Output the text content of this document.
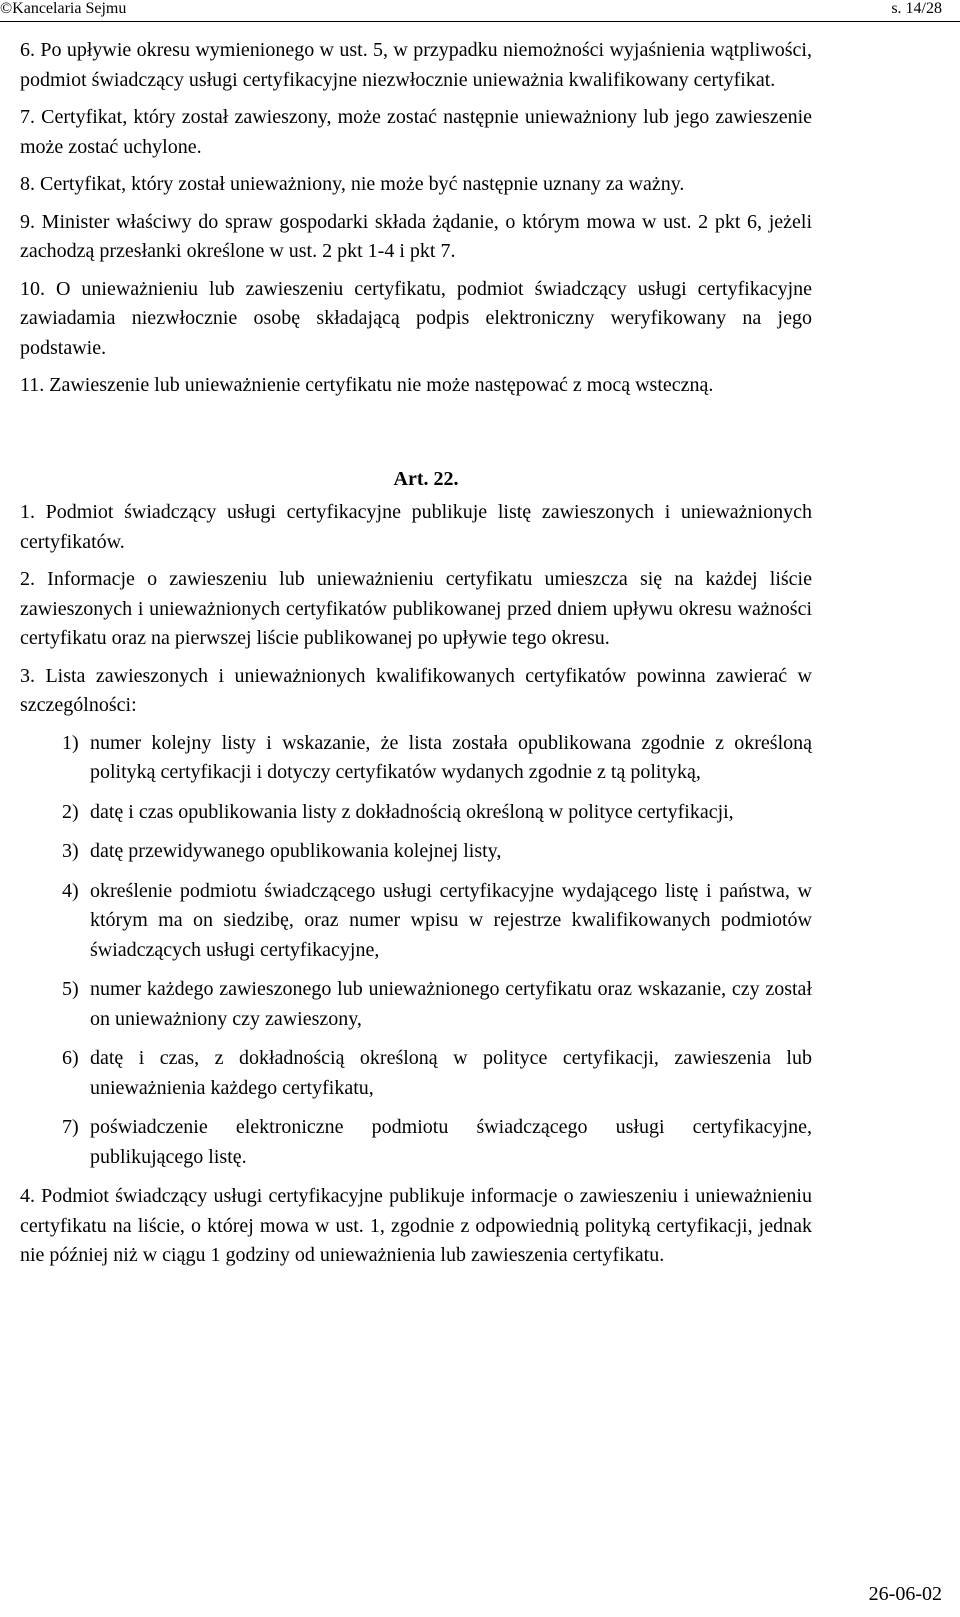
©Kancelaria Sejmu	s. 14/28

6. Po upływie okresu wymienionego w ust. 5, w przypadku niemożności wyjaśnienia wątpliwości, podmiot świadczący usługi certyfikacyjne niezwłocznie unieważnia kwalifikowany certyfikat.

7. Certyfikat, który został zawieszony, może zostać następnie unieważniony lub jego zawieszenie może zostać uchylone.

8. Certyfikat, który został unieważniony, nie może być następnie uznany za ważny.

9. Minister właściwy do spraw gospodarki składa żądanie, o którym mowa w ust. 2 pkt 6, jeżeli zachodzą przesłanki określone w ust. 2 pkt 1-4 i pkt 7.

10. O unieważnieniu lub zawieszeniu certyfikatu, podmiot świadczący usługi certyfikacyjne zawiadamia niezwłocznie osobę składającą podpis elektroniczny weryfikowany na jego podstawie.

11. Zawieszenie lub unieważnienie certyfikatu nie może następować z mocą wsteczną.

Art. 22.

1. Podmiot świadczący usługi certyfikacyjne publikuje listę zawieszonych i unieważnionych certyfikatów.

2. Informacje o zawieszeniu lub unieważnieniu certyfikatu umieszcza się na każdej liście zawieszonych i unieważnionych certyfikatów publikowanej przed dniem upływu okresu ważności certyfikatu oraz na pierwszej liście publikowanej po upływie tego okresu.

3. Lista zawieszonych i unieważnionych kwalifikowanych certyfikatów powinna zawierać w szczególności:

1) numer kolejny listy i wskazanie, że lista została opublikowana zgodnie z określoną polityką certyfikacji i dotyczy certyfikatów wydanych zgodnie z tą polityką,
2) datę i czas opublikowania listy z dokładnością określoną w polityce certyfikacji,
3) datę przewidywanego opublikowania kolejnej listy,
4) określenie podmiotu świadczącego usługi certyfikacyjne wydającego listę i państwa, w którym ma on siedzibę, oraz numer wpisu w rejestrze kwalifikowanych podmiotów świadczących usługi certyfikacyjne,
5) numer każdego zawieszonego lub unieważnionego certyfikatu oraz wskazanie, czy został on unieważniony czy zawieszony,
6) datę i czas, z dokładnością określoną w polityce certyfikacji, zawieszenia lub unieważnienia każdego certyfikatu,
7) poświadczenie elektroniczne podmiotu świadczącego usługi certyfikacyjne, publikującego listę.

4. Podmiot świadczący usługi certyfikacyjne publikuje informacje o zawieszeniu i unieważnieniu certyfikatu na liście, o której mowa w ust. 1, zgodnie z odpowiednią polityką certyfikacji, jednak nie później niż w ciągu 1 godziny od unieważnienia lub zawieszenia certyfikatu.

26-06-02
